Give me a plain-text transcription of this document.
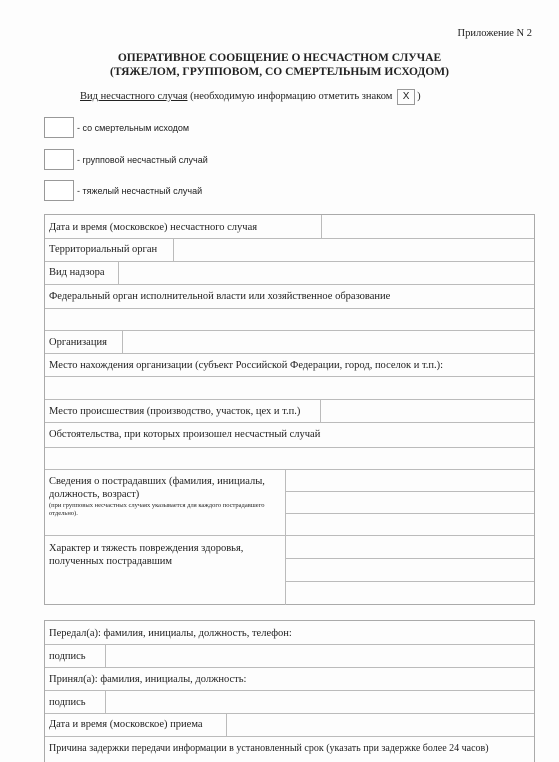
Приложение N 2
ОПЕРАТИВНОЕ СООБЩЕНИЕ О НЕСЧАСТНОМ СЛУЧАЕ
(ТЯЖЕЛОМ, ГРУППОВОМ, СО СМЕРТЕЛЬНЫМ ИСХОДОМ)
Вид несчастного случая (необходимую информацию отметить знаком X )
- со смертельным исходом
- групповой несчастный случай
- тяжелый несчастный случай
Дата и время (московское) несчастного случая
Территориальный орган
Вид надзора
Федеральный орган исполнительной власти или хозяйственное образование
Организация
Место нахождения организации (субъект Российской Федерации, город, поселок и т.п.):
Место происшествия (производство, участок, цех и т.п.)
Обстоятельства, при которых произошел несчастный случай
Сведения о пострадавших (фамилия, инициалы,
должность, возраст)
(при групповых несчастных случаях указывается для каждого пострадавшего отдельно).
Характер и тяжесть повреждения здоровья,
полученных пострадавшим
Передал(а): фамилия, инициалы, должность, телефон:
подпись
Принял(а): фамилия, инициалы, должность:
подпись
Дата и время (московское) приема
Причина задержки передачи информации в установленный срок (указать при задержке более 24 часов)
